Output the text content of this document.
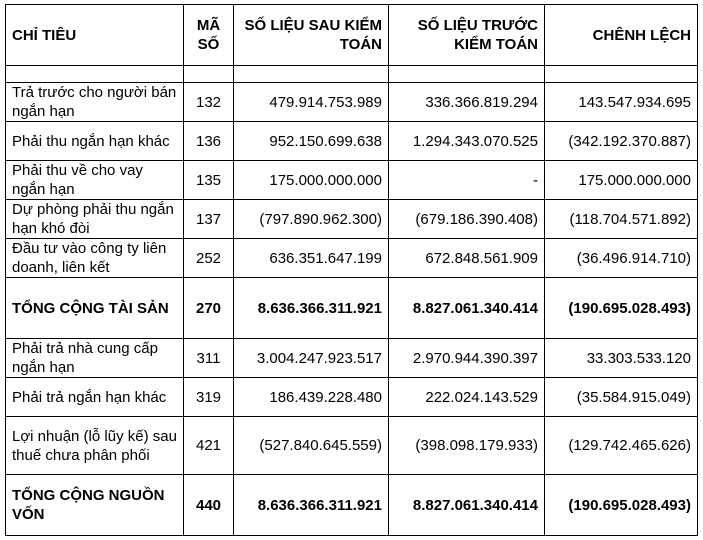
CHỈ TIÊU	MÃ SỐ	SỐ LIỆU SAU KIỂM TOÁN	SỐ LIỆU TRƯỚC KIỂM TOÁN	CHÊNH LỆCH

Trả trước cho người bán ngắn hạn	132	479.914.753.989	336.366.819.294	143.547.934.695
Phải thu ngắn hạn khác	136	952.150.699.638	1.294.343.070.525	(342.192.370.887)
Phải thu về cho vay ngắn hạn	135	175.000.000.000	-	175.000.000.000
Dự phòng phải thu ngắn hạn khó đòi	137	(797.890.962.300)	(679.186.390.408)	(118.704.571.892)
Đầu tư vào công ty liên doanh, liên kết	252	636.351.647.199	672.848.561.909	(36.496.914.710)
TỔNG CỘNG TÀI SẢN	270	8.636.366.311.921	8.827.061.340.414	(190.695.028.493)
Phải trả nhà cung cấp ngắn hạn	311	3.004.247.923.517	2.970.944.390.397	33.303.533.120
Phải trả ngắn hạn khác	319	186.439.228.480	222.024.143.529	(35.584.915.049)
Lợi nhuận (lỗ lũy kế) sau thuế chưa phân phối	421	(527.840.645.559)	(398.098.179.933)	(129.742.465.626)
TỔNG CỘNG NGUỒN VỐN	440	8.636.366.311.921	8.827.061.340.414	(190.695.028.493)
